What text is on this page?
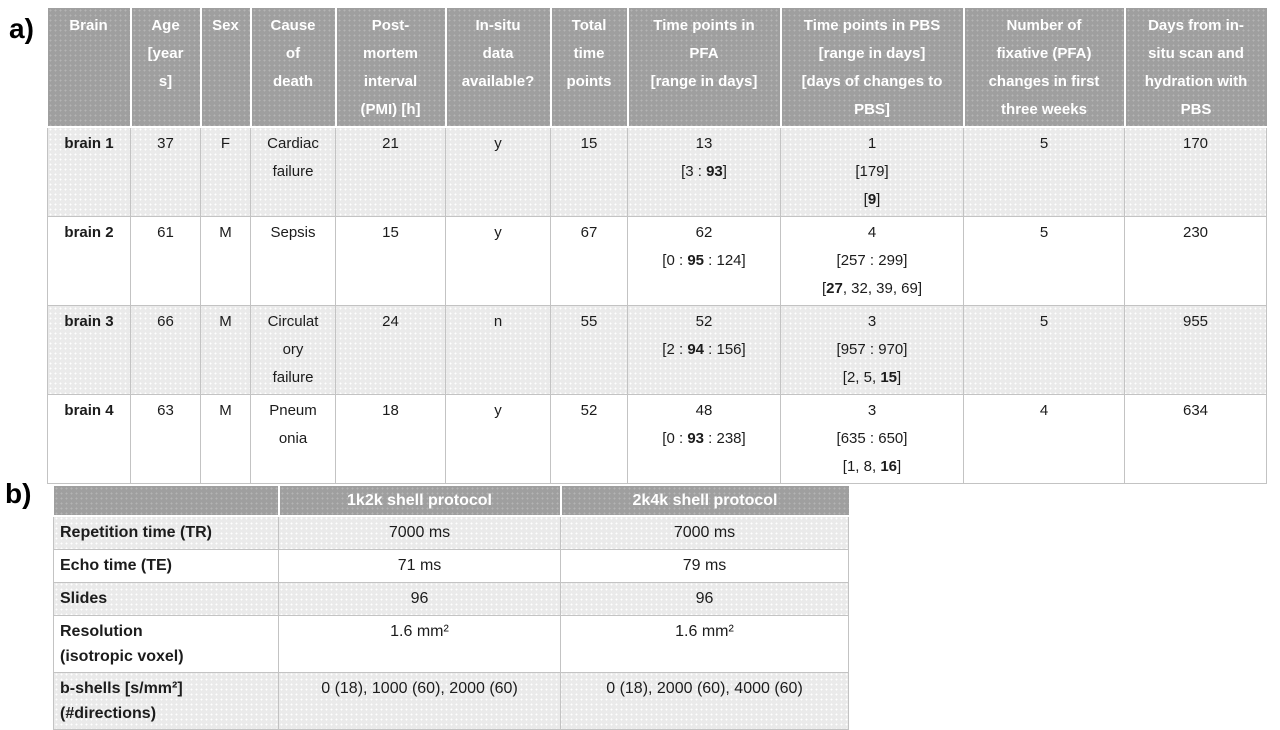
a) Brain	Age
[year
s]	Sex	Cause
of
death	Post-
mortem
interval
(PMI) [h]	In-situ
data
available?	Total
time
points	Time points in
PFA
[range in days]	Time points in PBS
[range in days]
[days of changes to
PBS]	Number of
fixative (PFA)
changes in first
three weeks	Days from in-
situ scan and
hydration with
PBS
brain 1	37	F	Cardiac
failure	21	y	15	13
[3 : 93]	1
[179]
[9]	5	170
brain 2	61	M	Sepsis	15	y	67	62
[0 : 95 : 124]	4
[257 : 299]
[27, 32, 39, 69]	5	230
brain 3	66	M	Circulat
ory
failure	24	n	55	52
[2 : 94 : 156]	3
[957 : 970]
[2, 5, 15]	5	955
brain 4	63	M	Pneum
onia	18	y	52	48
[0 : 93 : 238]	3
[635 : 650]
[1, 8, 16]	4	634
b)
		1k2k shell protocol	2k4k shell protocol
Repetition time (TR)	7000 ms	7000 ms
Echo time (TE)	71 ms	79 ms
Slides	96	96
Resolution
(isotropic voxel)	1.6 mm²	1.6 mm²
b-shells [s/mm²]
(#directions)	0 (18), 1000 (60), 2000 (60)	0 (18), 2000 (60), 4000 (60)
